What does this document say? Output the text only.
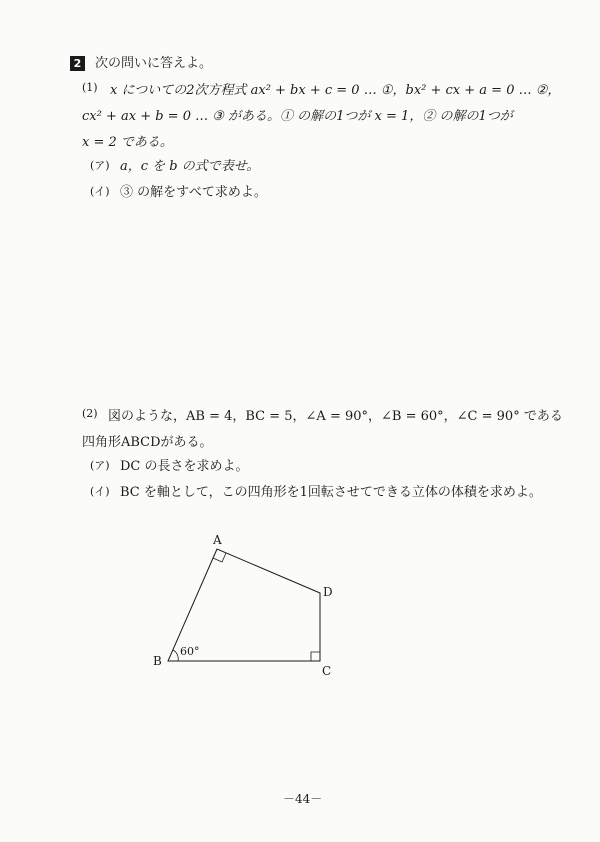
2 次の問いに答えよ。
(1) x についての2次方程式 ax² + bx + c = 0 … ①，bx² + cx + a = 0 … ②，
cx² + ax + b = 0 … ③ がある。① の解の1つが x = 1，② の解の1つが
x = 2 である。
(ア) a，c を b の式で表せ。
(イ) ③ の解をすべて求めよ。
(2) 図のような，AB = 4，BC = 5，∠A = 90°，∠B = 60°，∠C = 90° である
四角形ABCDがある。
(ア) DC の長さを求めよ。
(イ) BC を軸として，この四角形を1回転させてできる立体の体積を求めよ。
A
B
C
D
60°
－44－
